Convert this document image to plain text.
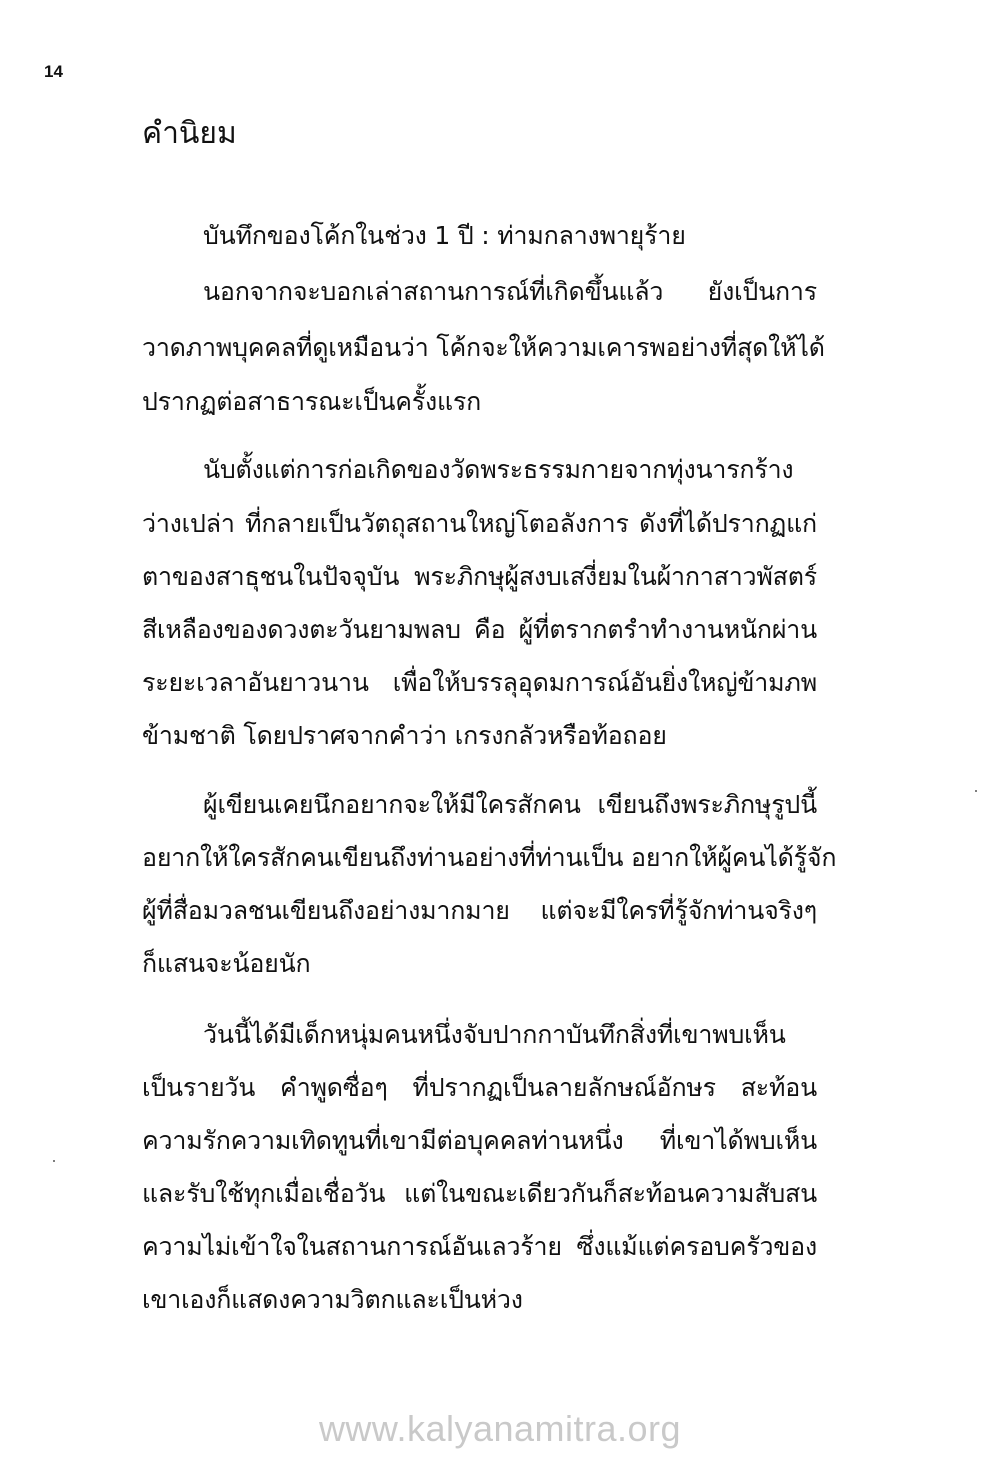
14
คำนิยม
บันทึกของโค้กในช่วง 1 ปี : ท่ามกลางพายุร้าย
นอกจากจะบอกเล่าสถานการณ์ที่เกิดขึ้นแล้ว ยังเป็นการ
วาดภาพบุคคลที่ดูเหมือนว่า โค้กจะให้ความเคารพอย่างที่สุดให้ได้
ปรากฏต่อสาธารณะเป็นครั้งแรก
นับตั้งแต่การก่อเกิดของวัดพระธรรมกายจากทุ่งนารกร้าง
ว่างเปล่า ที่กลายเป็นวัตถุสถานใหญ่โตอลังการ ดังที่ได้ปรากฏแก่
ตาของสาธุชนในปัจจุบัน พระภิกษุผู้สงบเสงี่ยมในผ้ากาสาวพัสตร์
สีเหลืองของดวงตะวันยามพลบ คือ ผู้ที่ตรากตรำทำงานหนักผ่าน
ระยะเวลาอันยาวนาน เพื่อให้บรรลุอุดมการณ์อันยิ่งใหญ่ข้ามภพ
ข้ามชาติ โดยปราศจากคำว่า เกรงกลัวหรือท้อถอย
ผู้เขียนเคยนึกอยากจะให้มีใครสักคน เขียนถึงพระภิกษุรูปนี้
อยากให้ใครสักคนเขียนถึงท่านอย่างที่ท่านเป็น อยากให้ผู้คนได้รู้จัก
ผู้ที่สื่อมวลชนเขียนถึงอย่างมากมาย แต่จะมีใครที่รู้จักท่านจริงๆ
ก็แสนจะน้อยนัก
วันนี้ได้มีเด็กหนุ่มคนหนึ่งจับปากกาบันทึกสิ่งที่เขาพบเห็น
เป็นรายวัน คำพูดซื่อๆ ที่ปรากฏเป็นลายลักษณ์อักษร สะท้อน
ความรักความเทิดทูนที่เขามีต่อบุคคลท่านหนึ่ง ที่เขาได้พบเห็น
และรับใช้ทุกเมื่อเชื่อวัน แต่ในขณะเดียวกันก็สะท้อนความสับสน
ความไม่เข้าใจในสถานการณ์อันเลวร้าย ซึ่งแม้แต่ครอบครัวของ
เขาเองก็แสดงความวิตกและเป็นห่วง
www.kalyanamitra.org
